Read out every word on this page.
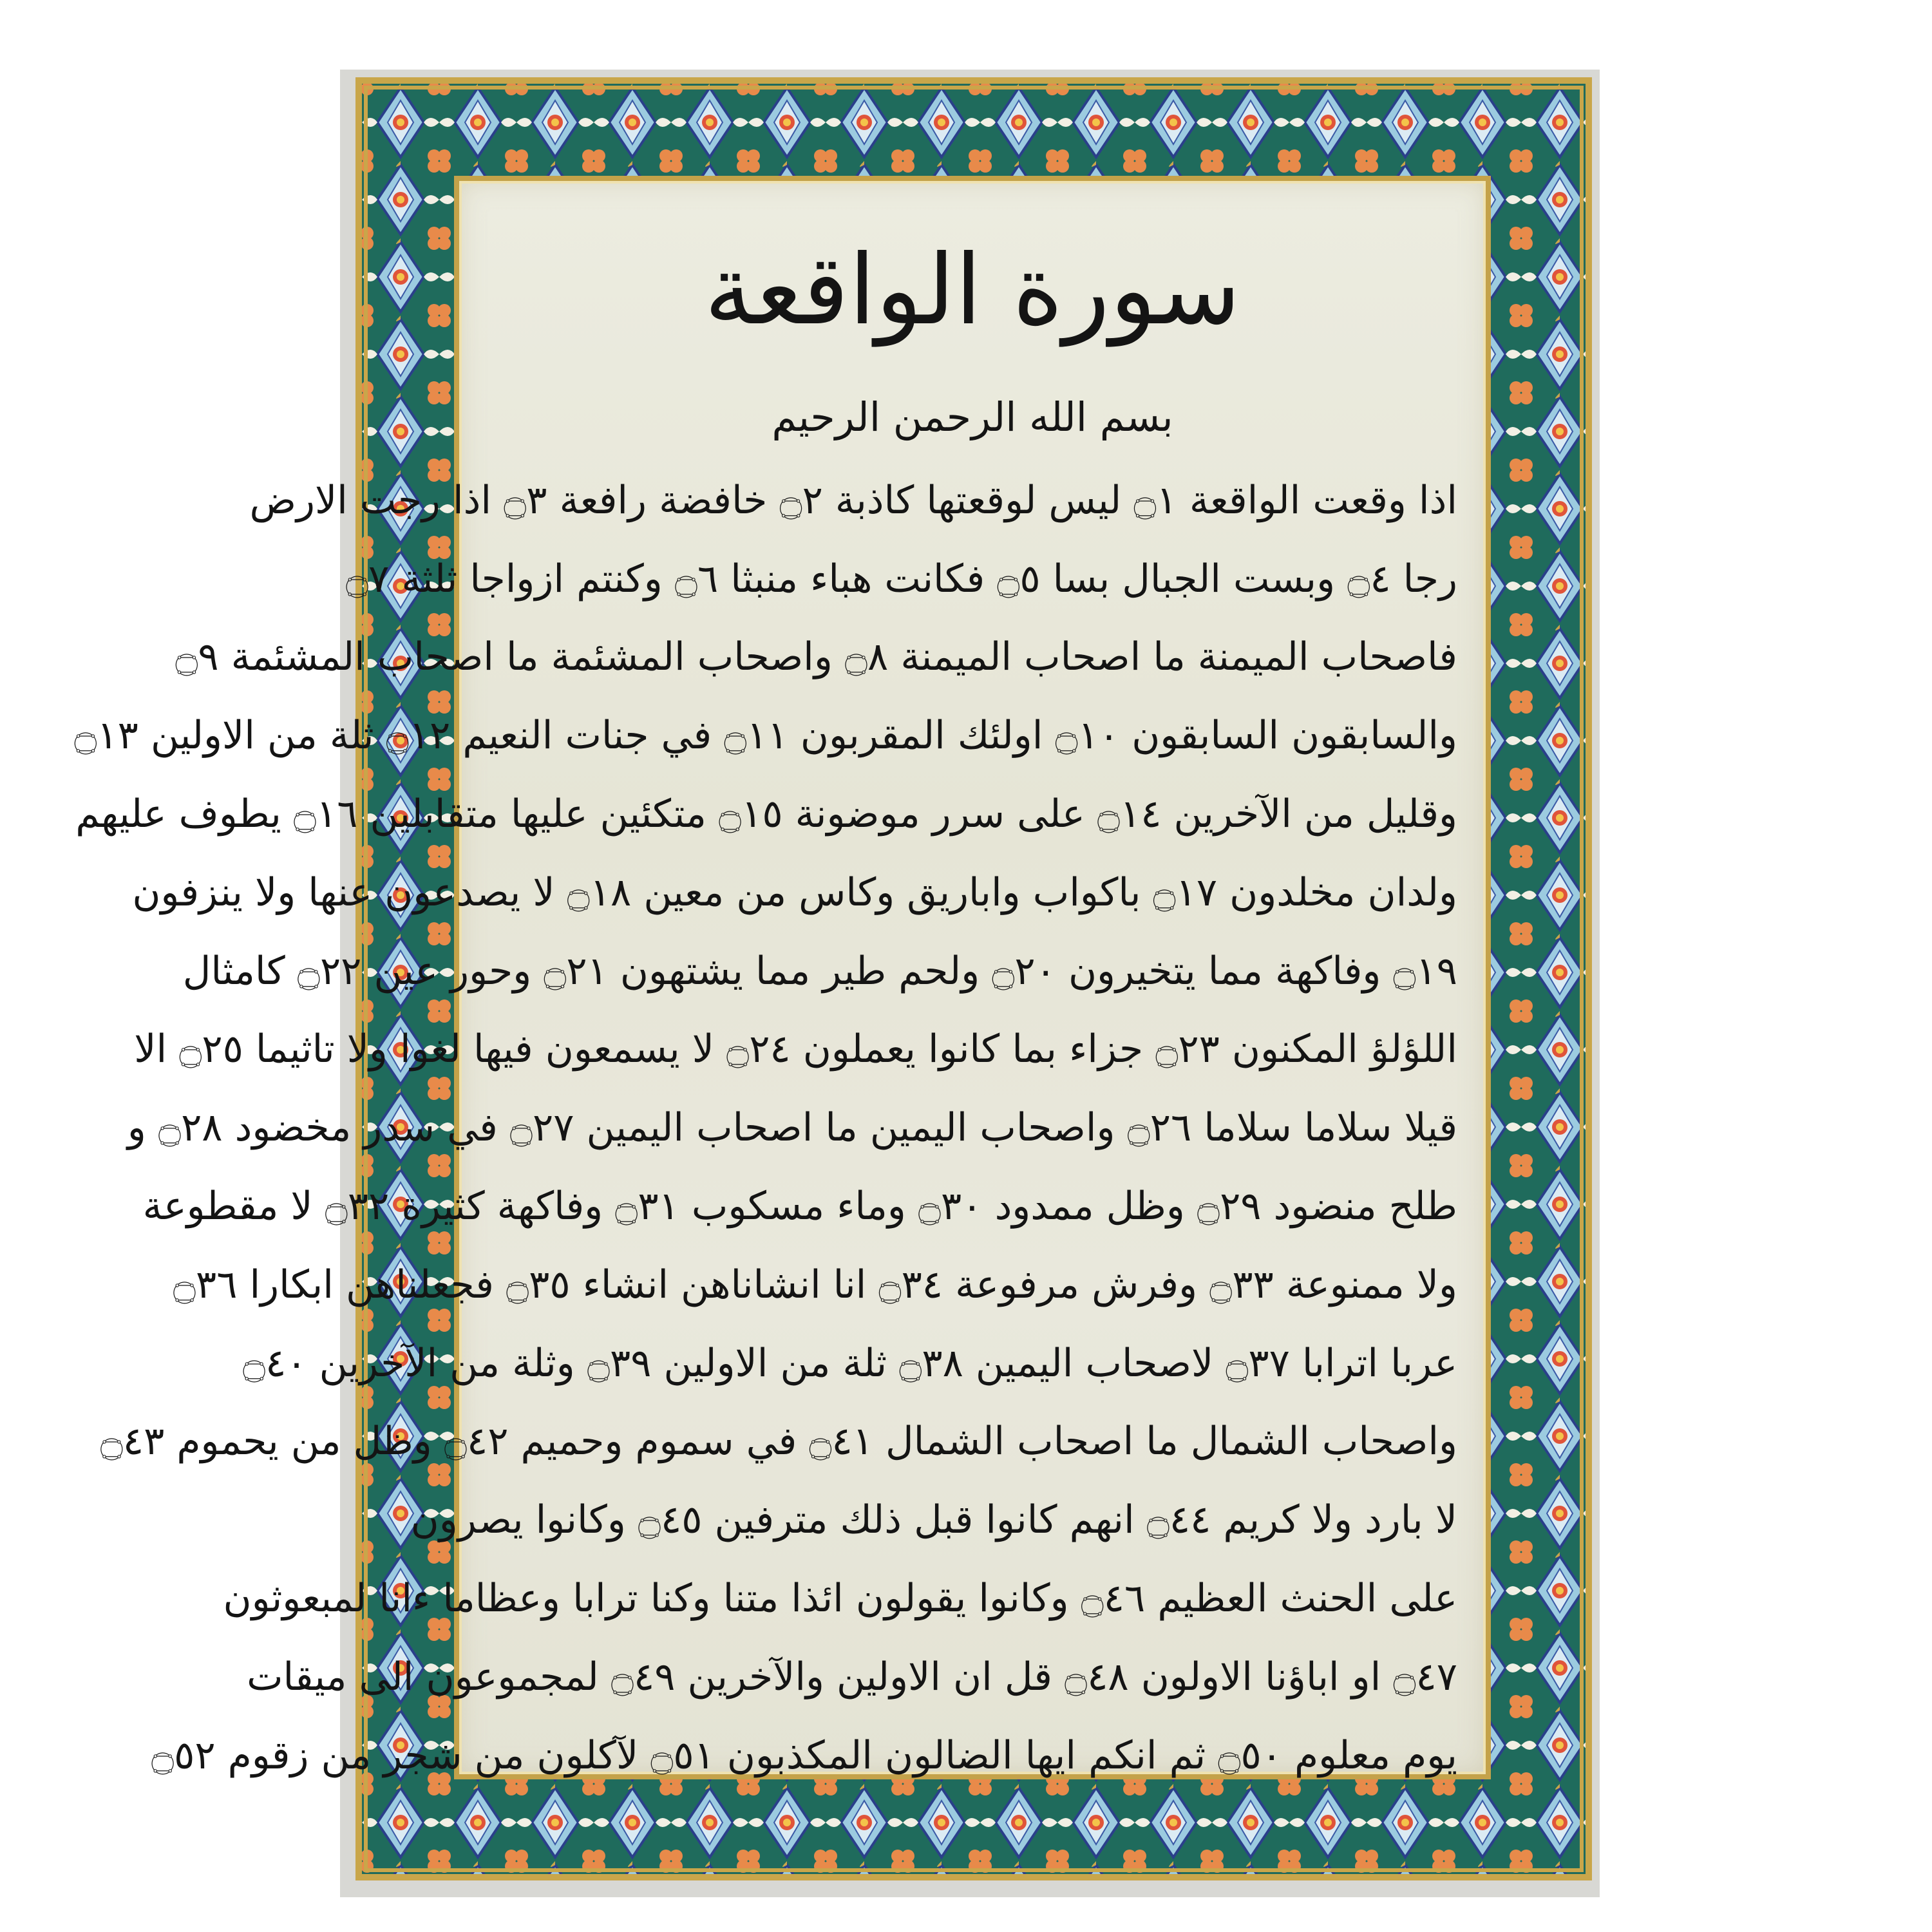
سورة الواقعة
بسم الله الرحمن الرحيم
اذا وقعت الواقعة ۝١ ليس لوقعتها كاذبة ۝٢ خافضة رافعة ۝٣ اذا رجت الارض
رجا ۝٤ وبست الجبال بسا ۝٥ فكانت هباء منبثا ۝٦ وكنتم ازواجا ثلثة ۝٧
فاصحاب الميمنة ما اصحاب الميمنة ۝٨ واصحاب المشئمة ما اصحاب المشئمة ۝٩
والسابقون السابقون ۝١٠ اولئك المقربون ۝١١ في جنات النعيم ۝١٢ ثلة من الاولين ۝١٣
وقليل من الآخرين ۝١٤ على سرر موضونة ۝١٥ متكئين عليها متقابلين ۝١٦ يطوف عليهم
ولدان مخلدون ۝١٧ باكواب واباريق وكاس من معين ۝١٨ لا يصدعون عنها ولا ينزفون
۝١٩ وفاكهة مما يتخيرون ۝٢٠ ولحم طير مما يشتهون ۝٢١ وحور عين ۝٢٢ كامثال
اللؤلؤ المكنون ۝٢٣ جزاء بما كانوا يعملون ۝٢٤ لا يسمعون فيها لغوا ولا تاثيما ۝٢٥ الا
قيلا سلاما سلاما ۝٢٦ واصحاب اليمين ما اصحاب اليمين ۝٢٧ في سدر مخضود ۝٢٨ و
طلح منضود ۝٢٩ وظل ممدود ۝٣٠ وماء مسكوب ۝٣١ وفاكهة كثيرة ۝٣٢ لا مقطوعة
ولا ممنوعة ۝٣٣ وفرش مرفوعة ۝٣٤ انا انشاناهن انشاء ۝٣٥ فجعلناهن ابكارا ۝٣٦
عربا اترابا ۝٣٧ لاصحاب اليمين ۝٣٨ ثلة من الاولين ۝٣٩ وثلة من الآخرين ۝٤٠
واصحاب الشمال ما اصحاب الشمال ۝٤١ في سموم وحميم ۝٤٢ وظل من يحموم ۝٤٣
لا بارد ولا كريم ۝٤٤ انهم كانوا قبل ذلك مترفين ۝٤٥ وكانوا يصرون
على الحنث العظيم ۝٤٦ وكانوا يقولون ائذا متنا وكنا ترابا وعظاما ءانا لمبعوثون
۝٤٧ او اباؤنا الاولون ۝٤٨ قل ان الاولين والآخرين ۝٤٩ لمجموعون الى ميقات
يوم معلوم ۝٥٠ ثم انكم ايها الضالون المكذبون ۝٥١ لآكلون من شجر من زقوم ۝٥٢
